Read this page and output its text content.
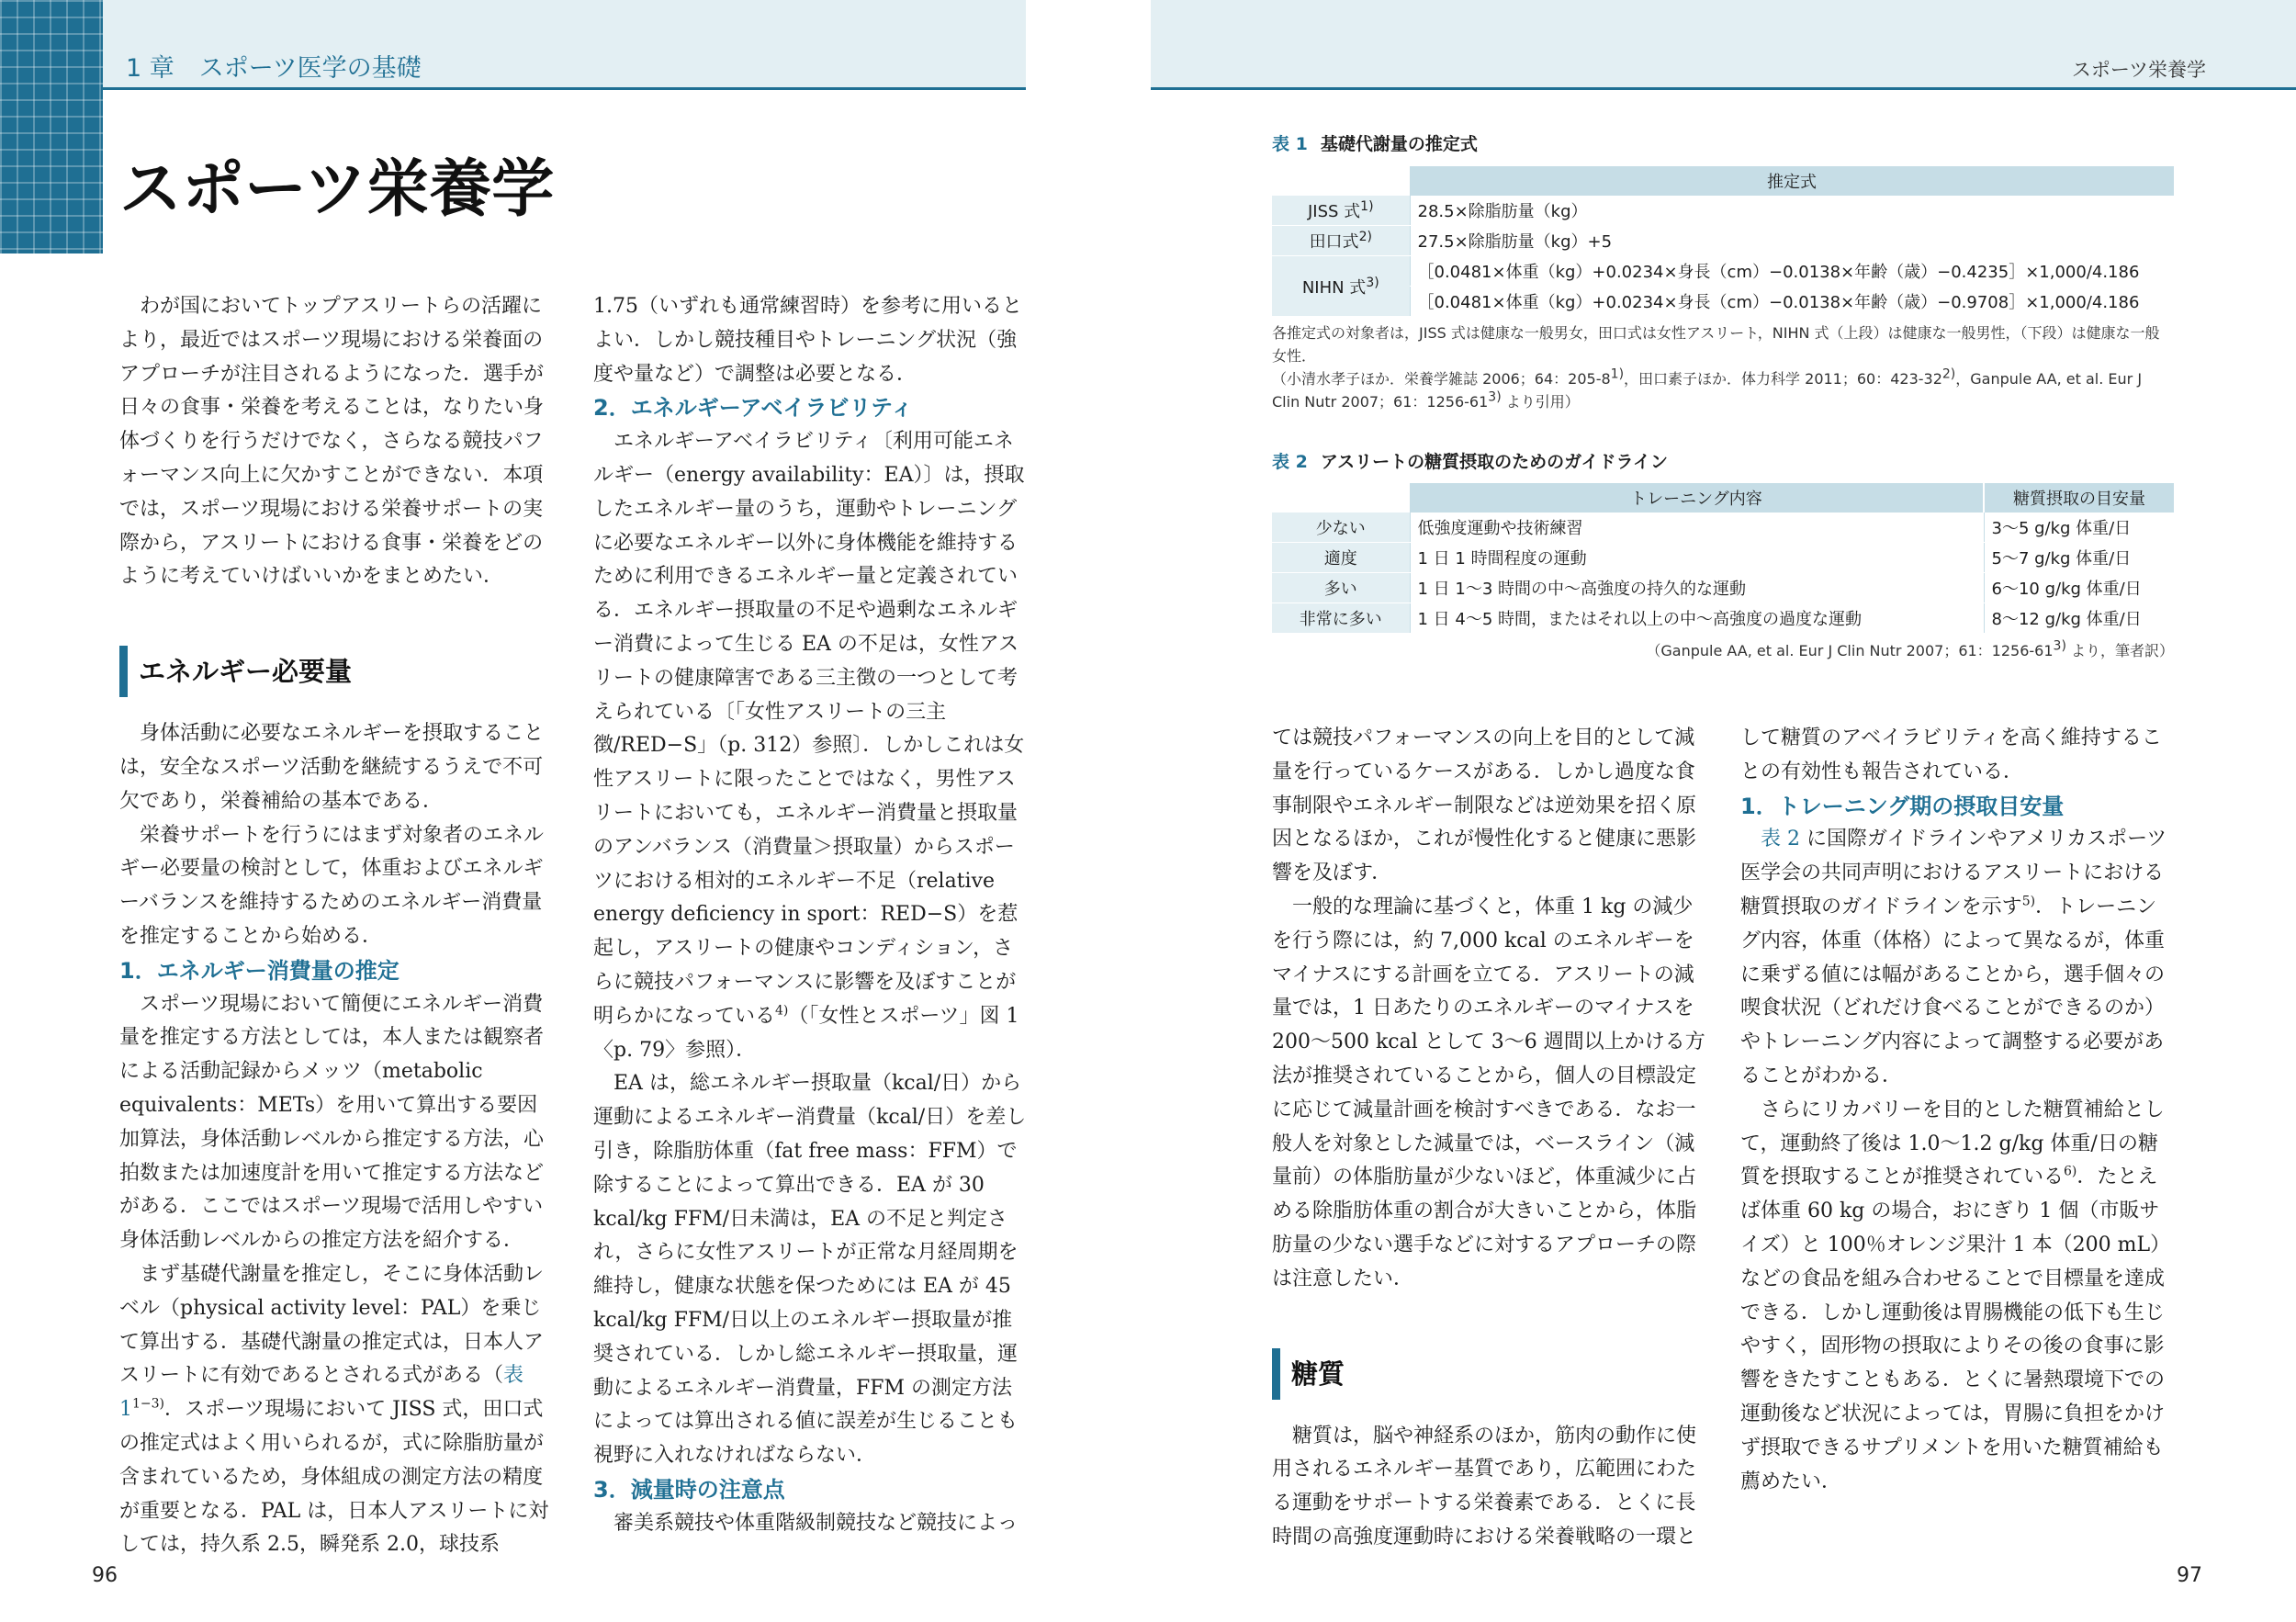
1 章　スポーツ医学の基礎
スポーツ栄養学
スポーツ栄養学

わが国においてトップアスリートらの活躍により，最近ではスポーツ現場における栄養面のアプローチが注目されるようになった．選手が日々の食事・栄養を考えることは，なりたい身体づくりを行うだけでなく，さらなる競技パフォーマンス向上に欠かすことができない．本項では，スポーツ現場における栄養サポートの実際から，アスリートにおける食事・栄養をどのように考えていけばいいかをまとめたい．

エネルギー必要量

身体活動に必要なエネルギーを摂取することは，安全なスポーツ活動を継続するうえで不可欠であり，栄養補給の基本である．

栄養サポートを行うにはまず対象者のエネルギー必要量の検討として，体重およびエネルギーバランスを維持するためのエネルギー消費量を推定することから始める．

1．エネルギー消費量の推定

スポーツ現場において簡便にエネルギー消費量を推定する方法としては，本人または観察者による活動記録からメッツ（metabolic equivalents：METs）を用いて算出する要因加算法，身体活動レベルから推定する方法，心拍数または加速度計を用いて推定する方法などがある．ここではスポーツ現場で活用しやすい身体活動レベルからの推定方法を紹介する．

まず基礎代謝量を推定し，そこに身体活動レベル（physical activity level：PAL）を乗じて算出する．基礎代謝量の推定式は，日本人アスリートに有効であるとされる式がある（表1$^{1-3)}$．スポーツ現場において JISS 式，田口式の推定式はよく用いられるが，式に除脂肪量が含まれているため，身体組成の測定方法の精度が重要となる．PAL は，日本人アスリートに対しては，持久系 2.5，瞬発系 2.0，球技系

1.75（いずれも通常練習時）を参考に用いるとよい．しかし競技種目やトレーニング状況（強度や量など）で調整は必要となる．

2．エネルギーアベイラビリティ

エネルギーアベイラビリティ〔利用可能エネルギー（energy availability：EA）〕は，摂取したエネルギー量のうち，運動やトレーニングに必要なエネルギー以外に身体機能を維持するために利用できるエネルギー量と定義されている．エネルギー摂取量の不足や過剰なエネルギー消費によって生じる EA の不足は，女性アスリートの健康障害である三主徴の一つとして考えられている〔「女性アスリートの三主徴/RED−S」（p. 312）参照〕．しかしこれは女性アスリートに限ったことではなく，男性アスリートにおいても，エネルギー消費量と摂取量のアンバランス（消費量＞摂取量）からスポーツにおける相対的エネルギー不足（relative energy deficiency in sport：RED−S）を惹起し，アスリートの健康やコンディション，さらに競技パフォーマンスに影響を及ぼすことが明らかになっている$^{4)}$（「女性とスポーツ」図 1〈p. 79〉参照）．

EA は，総エネルギー摂取量（kcal/日）から運動によるエネルギー消費量（kcal/日）を差し引き，除脂肪体重（fat free mass：FFM）で除することによって算出できる．EA が 30 kcal/kg FFM/日未満は，EA の不足と判定され，さらに女性アスリートが正常な月経周期を維持し，健康な状態を保つためには EA が 45 kcal/kg FFM/日以上のエネルギー摂取量が推奨されている．しかし総エネルギー摂取量，運動によるエネルギー消費量，FFM の測定方法によっては算出される値に誤差が生じることも視野に入れなければならない．

3．減量時の注意点

審美系競技や体重階級制競技など競技によっ

96
表 1 基礎代謝量の推定式
	推定式
JISS 式$^{1)}$	28.5×除脂肪量（kg）
田口式$^{2)}$	27.5×除脂肪量（kg）+5
NIHN 式$^{3)}$	［0.0481×体重（kg）+0.0234×身長（cm）−0.0138×年齢（歳）−0.4235］×1,000/4.186
	［0.0481×体重（kg）+0.0234×身長（cm）−0.0138×年齢（歳）−0.9708］×1,000/4.186
各推定式の対象者は，JISS 式は健康な一般男女，田口式は女性アスリート，NIHN 式（上段）は健康な一般男性，（下段）は健康な一般女性．
（小清水孝子ほか．栄養学雑誌 2006；64：205-81)，田口素子ほか．体力科学 2011；60：423-322)，Ganpule AA, et al. Eur J Clin Nutr 2007；61：1256-613) より引用）
表 2 アスリートの糖質摂取のためのガイドライン
	トレーニング内容	糖質摂取の目安量
少ない	低強度運動や技術練習	3～5 g/kg 体重/日
適度	1 日 1 時間程度の運動	5～7 g/kg 体重/日
多い	1 日 1～3 時間の中～高強度の持久的な運動	6～10 g/kg 体重/日
非常に多い	1 日 4～5 時間，またはそれ以上の中～高強度の過度な運動	8～12 g/kg 体重/日
（Ganpule AA, et al. Eur J Clin Nutr 2007；61：1256-613) より，筆者訳）

ては競技パフォーマンスの向上を目的として減量を行っているケースがある．しかし過度な食事制限やエネルギー制限などは逆効果を招く原因となるほか，これが慢性化すると健康に悪影響を及ぼす．

一般的な理論に基づくと，体重 1 kg の減少を行う際には，約 7,000 kcal のエネルギーをマイナスにする計画を立てる．アスリートの減量では，1 日あたりのエネルギーのマイナスを 200～500 kcal として 3～6 週間以上かける方法が推奨されていることから，個人の目標設定に応じて減量計画を検討すべきである．なお一般人を対象とした減量では，ベースライン（減量前）の体脂肪量が少ないほど，体重減少に占める除脂肪体重の割合が大きいことから，体脂肪量の少ない選手などに対するアプローチの際は注意したい．

糖質

糖質は，脳や神経系のほか，筋肉の動作に使用されるエネルギー基質であり，広範囲にわたる運動をサポートする栄養素である．とくに長時間の高強度運動時における栄養戦略の一環と

して糖質のアベイラビリティを高く維持することの有効性も報告されている．

1．トレーニング期の摂取目安量

表 2 に国際ガイドラインやアメリカスポーツ医学会の共同声明におけるアスリートにおける糖質摂取のガイドラインを示す$^{5)}$．トレーニング内容，体重（体格）によって異なるが，体重に乗ずる値には幅があることから，選手個々の喫食状況（どれだけ食べることができるのか）やトレーニング内容によって調整する必要があることがわかる．

さらにリカバリーを目的とした糖質補給として，運動終了後は 1.0～1.2 g/kg 体重/日の糖質を摂取することが推奨されている$^{6)}$．たとえば体重 60 kg の場合，おにぎり 1 個（市販サイズ）と 100％オレンジ果汁 1 本（200 mL）などの食品を組み合わせることで目標量を達成できる．しかし運動後は胃腸機能の低下も生じやすく，固形物の摂取によりその後の食事に影響をきたすこともある．とくに暑熱環境下での運動後など状況によっては，胃腸に負担をかけず摂取できるサプリメントを用いた糖質補給も薦めたい．

97
